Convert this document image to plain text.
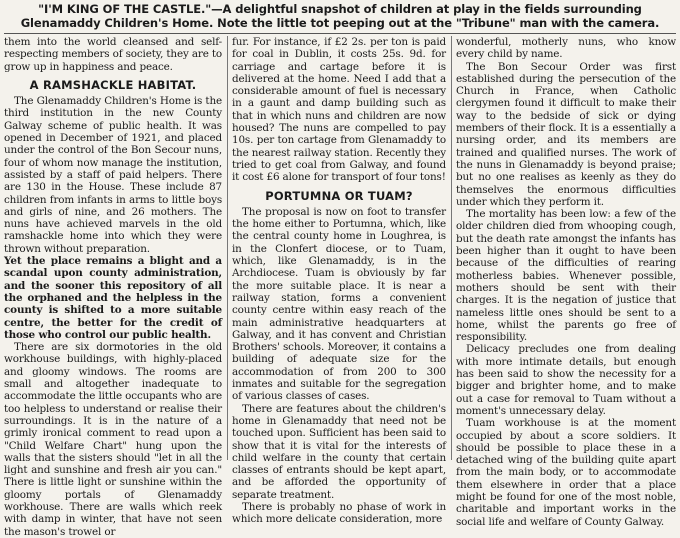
"I'M KING OF THE CASTLE."—A delightful snapshot of children at play in the fields surrounding Glenamaddy Children's Home. Note the little tot peeping out at the "Tribune" man with the camera.

them into the world cleansed and self-respecting members of society, they are to grow up in happiness and peace.

A RAMSHACKLE HABITAT.

The Glenamaddy Children's Home is the third institution in the new County Galway scheme of public health. It was opened in December of 1921, and placed under the control of the Bon Secour nuns, four of whom now manage the institution, assisted by a staff of paid helpers. There are 130 in the House. These include 87 children from infants in arms to little boys and girls of nine, and 26 mothers. The nuns have achieved marvels in the old ramshackle home into which they were thrown without preparation.

Yet the place remains a blight and a scandal upon county administration, and the sooner this repository of all the orphaned and the helpless in the county is shifted to a more suitable centre, the better for the credit of those who control our public health.

There are six dormotories in the old workhouse buildings, with highly-placed and gloomy windows. The rooms are small and altogether inadequate to accommodate the little occupants who are too helpless to understand or realise their surroundings. It is in the nature of a grimly ironical comment to read upon a "Child Welfare Chart" hung upon the walls that the sisters should "let in all the light and sunshine and fresh air you can." There is little light or sunshine within the gloomy portals of Glenamaddy workhouse. There are walls which reek with damp in winter, that have not seen the mason's trowel or

fur. For instance, if £2 2s. per ton is paid for coal in Dublin, it costs 25s. 9d. for carriage and cartage before it is delivered at the home. Need I add that a considerable amount of fuel is necessary in a gaunt and damp building such as that in which nuns and children are now housed? The nuns are compelled to pay 10s. per ton cartage from Glenamaddy to the nearest railway station. Recently they tried to get coal from Galway, and found it cost £6 alone for transport of four tons!

PORTUMNA OR TUAM?

The proposal is now on foot to transfer the home either to Portumna, which, like the central county home in Loughrea, is in the Clonfert diocese, or to Tuam, which, like Glenamaddy, is in the Archdiocese. Tuam is obviously by far the more suitable place. It is near a railway station, forms a convenient county centre within easy reach of the main administrative headquarters at Galway, and it has convent and Christian Brothers' schools. Moreover, it contains a building of adequate size for the accommodation of from 200 to 300 inmates and suitable for the segregation of various classes of cases.

There are features about the children's home in Glenamaddy that need not be touched upon. Sufficient has been said to show that it is vital for the interests of child welfare in the county that certain classes of entrants should be kept apart, and be afforded the opportunity of separate treatment.

There is probably no phase of work in which more delicate consideration, more

wonderful, motherly nuns, who know every child by name.

The Bon Secour Order was first established during the persecution of the Church in France, when Catholic clergymen found it difficult to make their way to the bedside of sick or dying members of their flock. It is a essentially a nursing order, and its members are trained and qualified nurses. The work of the nuns in Glenamaddy is beyond praise; but no one realises as keenly as they do themselves the enormous difficulties under which they perform it.

The mortality has been low: a few of the older children died from whooping cough, but the death rate amongst the infants has been higher than it ought to have been because of the difficulties of rearing motherless babies. Whenever possible, mothers should be sent with their charges. It is the negation of justice that nameless little ones should be sent to a home, whilst the parents go free of responsibility.

Delicacy precludes one from dealing with more intimate details, but enough has been said to show the necessity for a bigger and brighter home, and to make out a case for removal to Tuam without a moment's unnecessary delay.

Tuam workhouse is at the moment occupied by about a score soldiers. It should be possible to place these in a detached wing of the building quite apart from the main body, or to accommodate them elsewhere in order that a place might be found for one of the most noble, charitable and important works in the social life and welfare of County Galway.
